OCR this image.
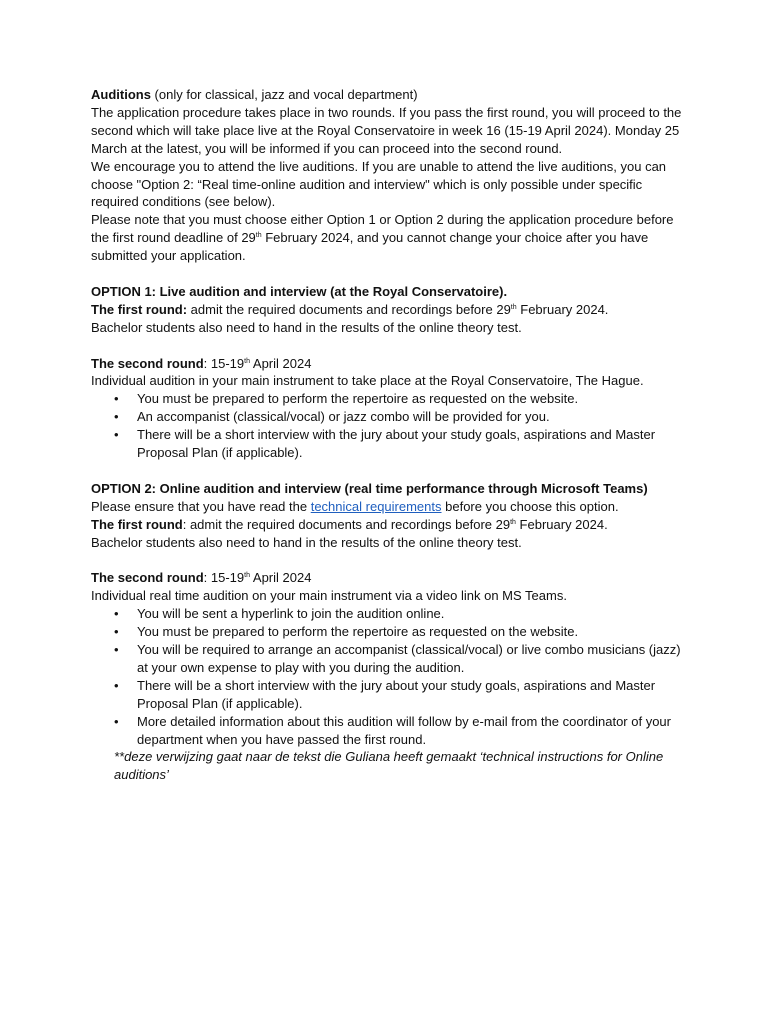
Auditions (only for classical, jazz and vocal department)

The application procedure takes place in two rounds. If you pass the first round, you will proceed to the second which will take place live at the Royal Conservatoire in week 16 (15-19 April 2024). Monday 25 March at the latest, you will be informed if you can proceed into the second round.

We encourage you to attend the live auditions. If you are unable to attend the live auditions, you can choose "Option 2: “Real time-online audition and interview" which is only possible under specific required conditions (see below).

Please note that you must choose either Option 1 or Option 2 during the application procedure before the first round deadline of 29th February 2024, and you cannot change your choice after you have submitted your application.

OPTION 1: Live audition and interview (at the Royal Conservatoire).

The first round: admit the required documents and recordings before 29th February 2024.

Bachelor students also need to hand in the results of the online theory test.

The second round: 15-19th April 2024

Individual audition in your main instrument to take place at the Royal Conservatoire, The Hague.

•You must be prepared to perform the repertoire as requested on the website.
•An accompanist (classical/vocal) or jazz combo will be provided for you.
•There will be a short interview with the jury about your study goals, aspirations and Master Proposal Plan (if applicable).

OPTION 2: Online audition and interview (real time performance through Microsoft Teams)

Please ensure that you have read the technical requirements before you choose this option.

The first round: admit the required documents and recordings before 29th February 2024.

Bachelor students also need to hand in the results of the online theory test.

The second round: 15-19th April 2024

Individual real time audition on your main instrument via a video link on MS Teams.

•You will be sent a hyperlink to join the audition online.
•You must be prepared to perform the repertoire as requested on the website.
•You will be required to arrange an accompanist (classical/vocal) or live combo musicians (jazz) at your own expense to play with you during the audition.
•There will be a short interview with the jury about your study goals, aspirations and Master Proposal Plan (if applicable).
•More detailed information about this audition will follow by e-mail from the coordinator of your department when you have passed the first round.

**deze verwijzing gaat naar de tekst die Guliana heeft gemaakt ‘technical instructions for Online auditions’
